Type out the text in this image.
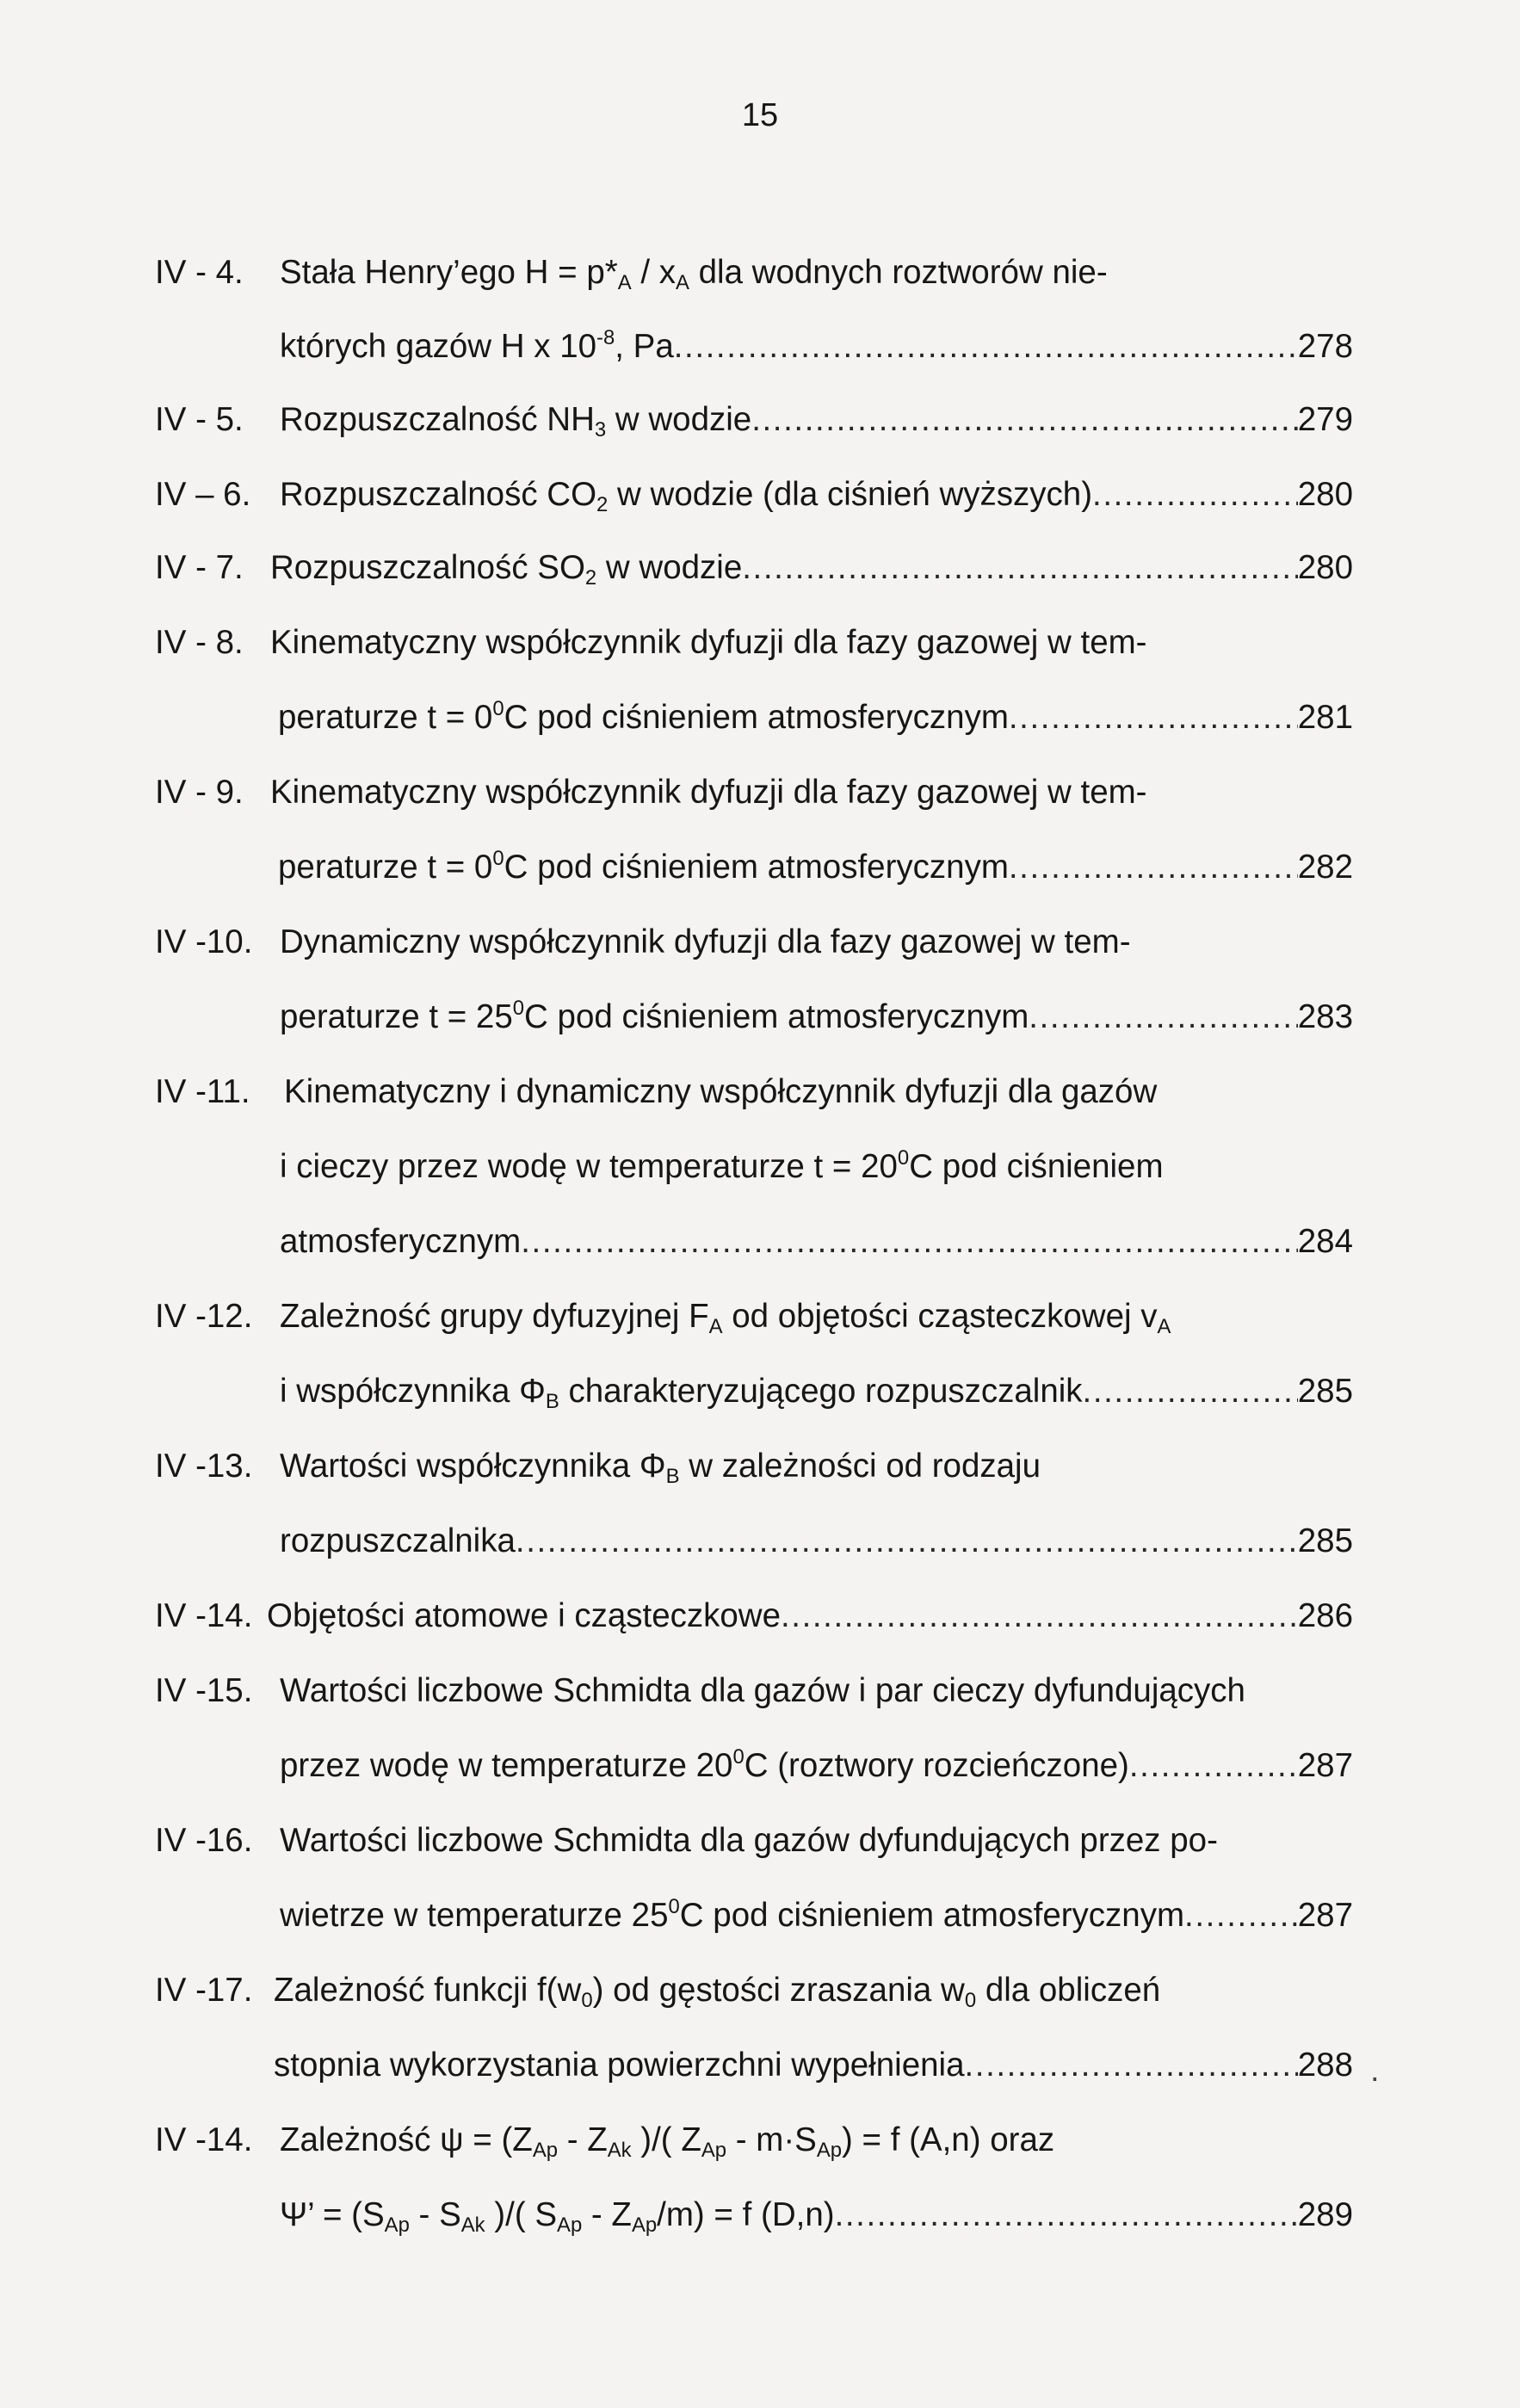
15
IV - 4. Stała Henry’ego $H = p*_A / x_A$ dla wodnych roztworów nie-
których gazów H x $10^{-8}$, Pa .....	278
IV - 5. Rozpuszczalność $NH_3$ w wodzie .....	279
IV – 6. Rozpuszczalność $CO_2$ w wodzie (dla ciśnień wyższych) .....	280
IV - 7. Rozpuszczalność $SO_2$ w wodzie .....	280
IV - 8. Kinematyczny współczynnik dyfuzji dla fazy gazowej w tem-
peraturze $t = 0^0C$ pod ciśnieniem atmosferycznym .....	281
IV - 9. Kinematyczny współczynnik dyfuzji dla fazy gazowej w tem-
peraturze $t = 0^0C$ pod ciśnieniem atmosferycznym .....	282
IV -10. Dynamiczny współczynnik dyfuzji dla fazy gazowej w tem-
peraturze $t = 25^0C$ pod ciśnieniem atmosferycznym .....	283
IV -11. Kinematyczny i dynamiczny współczynnik dyfuzji dla gazów
i cieczy przez wodę w temperaturze $t = 20^0C$ pod ciśnieniem
atmosferycznym .....	284
IV -12. Zależność grupy dyfuzyjnej $F_A$ od objętości cząsteczkowej $v_A$
i współczynnika $\Phi_B$ charakteryzującego rozpuszczalnik .....	285
IV -13. Wartości współczynnika $\Phi_B$ w zależności od rodzaju
rozpuszczalnika .....	285
IV -14. Objętości atomowe i cząsteczkowe .....	286
IV -15. Wartości liczbowe Schmidta dla gazów i par cieczy dyfundujących
przez wodę w temperaturze $20^0C$ (roztwory rozcieńczone) .....	287
IV -16. Wartości liczbowe Schmidta dla gazów dyfundujących przez po-
wietrze w temperaturze $25^0C$ pod ciśnieniem atmosferycznym .....	287
IV -17. Zależność funkcji $f(w_0)$ od gęstości zraszania $w_0$ dla obliczeń
stopnia wykorzystania powierzchni wypełnienia .....	288 .
IV -14. Zależność $\psi = (Z_{Ap} - Z_{Ak}$ )/( $Z_{Ap} - m\cdot S_{Ap}) = f$ (A,n) oraz
Ψ’ = ($S_{Ap} - S_{Ak}$ )/( $S_{Ap} - Z_{Ap}/m) = f$ (D,n) .....	289
